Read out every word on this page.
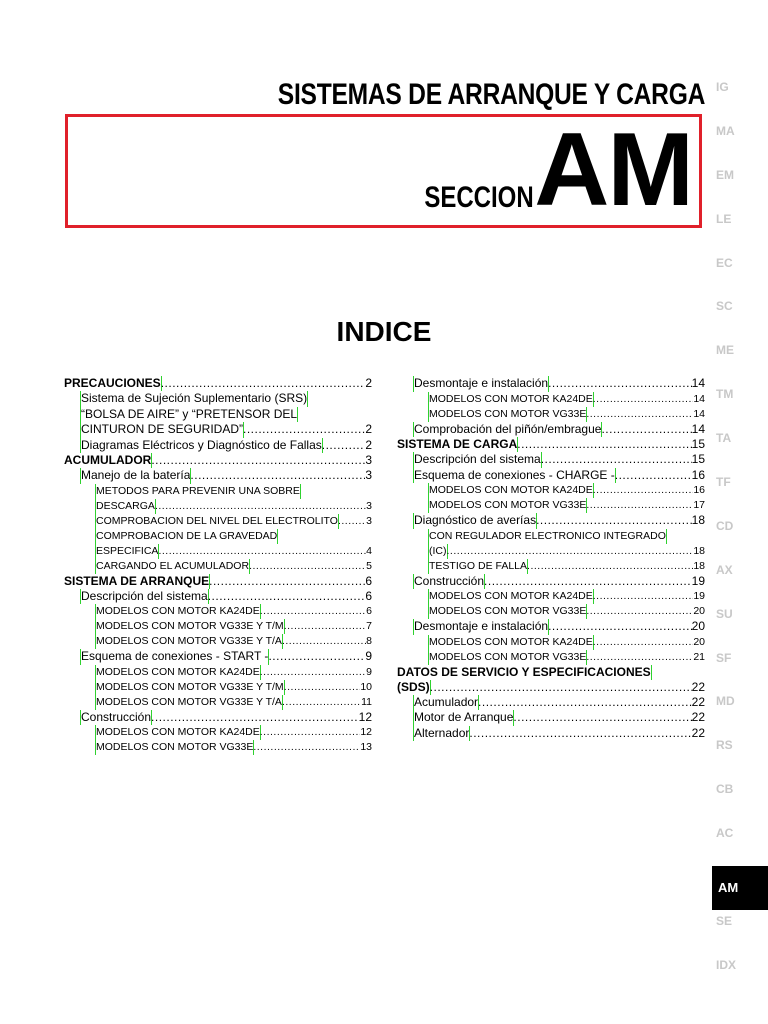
SISTEMAS DE ARRANQUE Y CARGA
SECCION AM
INDICE
PRECAUCIONES .....	2
Sistema de Sujeción Suplementario (SRS)
“BOLSA DE AIRE” y “PRETENSOR DEL
CINTURON DE SEGURIDAD” .....	2
Diagramas Eléctricos y Diagnóstico de Fallas .....	2
ACUMULADOR .....	3
Manejo de la batería .....	3
METODOS PARA PREVENIR UNA SOBRE
DESCARGA .....	3
COMPROBACION DEL NIVEL DEL ELECTROLITO .....	3
COMPROBACION DE LA GRAVEDAD
ESPECIFICA .....	4
CARGANDO EL ACUMULADOR .....	5
SISTEMA DE ARRANQUE .....	6
Descripción del sistema .....	6
MODELOS CON MOTOR KA24DE .....	6
MODELOS CON MOTOR VG33E Y T/M .....	7
MODELOS CON MOTOR VG33E Y T/A .....	8
Esquema de conexiones - START - .....	9
MODELOS CON MOTOR KA24DE .....	9
MODELOS CON MOTOR VG33E Y T/M .....	10
MODELOS CON MOTOR VG33E Y T/A .....	11
Construcción .....	12
MODELOS CON MOTOR KA24DE .....	12
MODELOS CON MOTOR VG33E .....	13
Desmontaje e instalación .....	14
MODELOS CON MOTOR KA24DE .....	14
MODELOS CON MOTOR VG33E .....	14
Comprobación del piñón/embrague .....	14
SISTEMA DE CARGA .....	15
Descripción del sistema .....	15
Esquema de conexiones - CHARGE - .....	16
MODELOS CON MOTOR KA24DE .....	16
MODELOS CON MOTOR VG33E .....	17
Diagnóstico de averías .....	18
CON REGULADOR ELECTRONICO INTEGRADO
(IC) .....	18
TESTIGO DE FALLA .....	18
Construcción .....	19
MODELOS CON MOTOR KA24DE .....	19
MODELOS CON MOTOR VG33E .....	20
Desmontaje e instalación .....	20
MODELOS CON MOTOR KA24DE .....	20
MODELOS CON MOTOR VG33E .....	21
DATOS DE SERVICIO Y ESPECIFICACIONES
(SDS) .....	22
Acumulador .....	22
Motor de Arranque .....	22
Alternador .....	22
IG
MA
EM
LE
EC
SC
ME
TM
TA
TF
CD
AX
SU
SF
MD
RS
CB
AC
AM
SE
IDX
